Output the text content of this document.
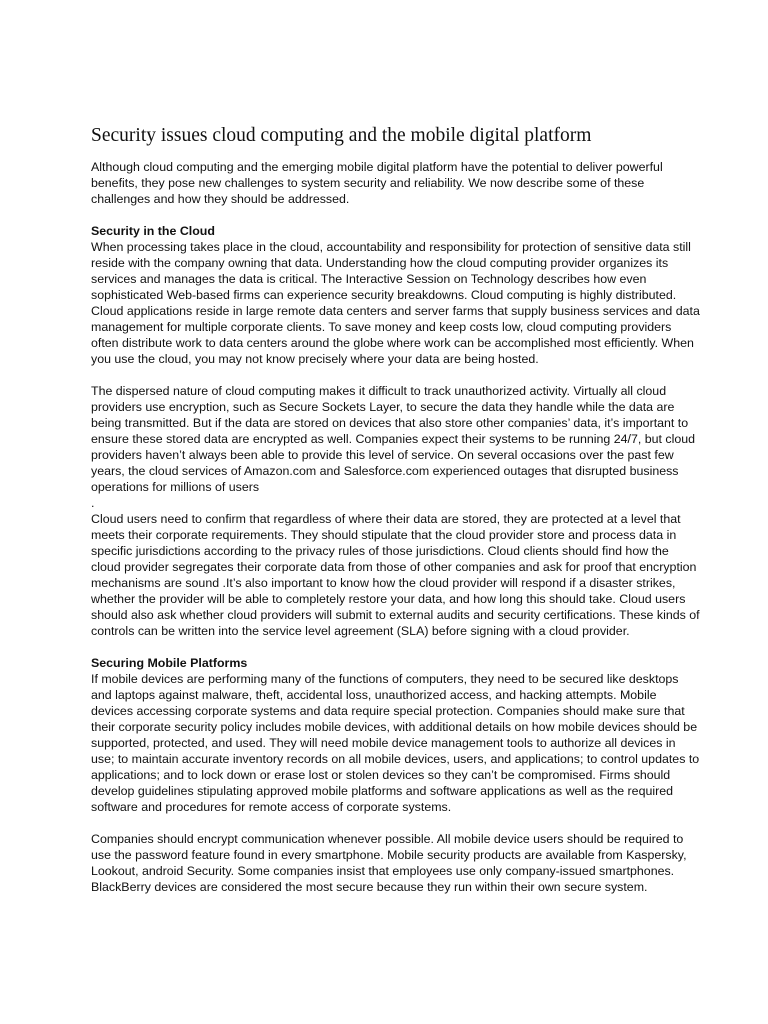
Security issues cloud computing and the mobile digital platform

Although cloud computing and the emerging mobile digital platform have the potential to deliver powerful
benefits, they pose new challenges to system security and reliability. We now describe some of these
challenges and how they should be addressed.

Security in the Cloud

When processing takes place in the cloud, accountability and responsibility for protection of sensitive data still
reside with the company owning that data. Understanding how the cloud computing provider organizes its
services and manages the data is critical. The Interactive Session on Technology describes how even
sophisticated Web-based firms can experience security breakdowns. Cloud computing is highly distributed.
Cloud applications reside in large remote data centers and server farms that supply business services and data
management for multiple corporate clients. To save money and keep costs low, cloud computing providers
often distribute work to data centers around the globe where work can be accomplished most efficiently. When
you use the cloud, you may not know precisely where your data are being hosted.

The dispersed nature of cloud computing makes it difficult to track unauthorized activity. Virtually all cloud
providers use encryption, such as Secure Sockets Layer, to secure the data they handle while the data are
being transmitted. But if the data are stored on devices that also store other companies’ data, it’s important to
ensure these stored data are encrypted as well. Companies expect their systems to be running 24/7, but cloud
providers haven’t always been able to provide this level of service. On several occasions over the past few
years, the cloud services of Amazon.com and Salesforce.com experienced outages that disrupted business
operations for millions of users
.

Cloud users need to confirm that regardless of where their data are stored, they are protected at a level that
meets their corporate requirements. They should stipulate that the cloud provider store and process data in
specific jurisdictions according to the privacy rules of those jurisdictions. Cloud clients should find how the
cloud provider segregates their corporate data from those of other companies and ask for proof that encryption
mechanisms are sound .It’s also important to know how the cloud provider will respond if a disaster strikes,
whether the provider will be able to completely restore your data, and how long this should take. Cloud users
should also ask whether cloud providers will submit to external audits and security certifications. These kinds of
controls can be written into the service level agreement (SLA) before signing with a cloud provider.

Securing Mobile Platforms

If mobile devices are performing many of the functions of computers, they need to be secured like desktops
and laptops against malware, theft, accidental loss, unauthorized access, and hacking attempts. Mobile
devices accessing corporate systems and data require special protection. Companies should make sure that
their corporate security policy includes mobile devices, with additional details on how mobile devices should be
supported, protected, and used. They will need mobile device management tools to authorize all devices in
use; to maintain accurate inventory records on all mobile devices, users, and applications; to control updates to
applications; and to lock down or erase lost or stolen devices so they can’t be compromised. Firms should
develop guidelines stipulating approved mobile platforms and software applications as well as the required
software and procedures for remote access of corporate systems.

Companies should encrypt communication whenever possible. All mobile device users should be required to
use the password feature found in every smartphone. Mobile security products are available from Kaspersky,
Lookout, android Security. Some companies insist that employees use only company-issued smartphones.
BlackBerry devices are considered the most secure because they run within their own secure system.
